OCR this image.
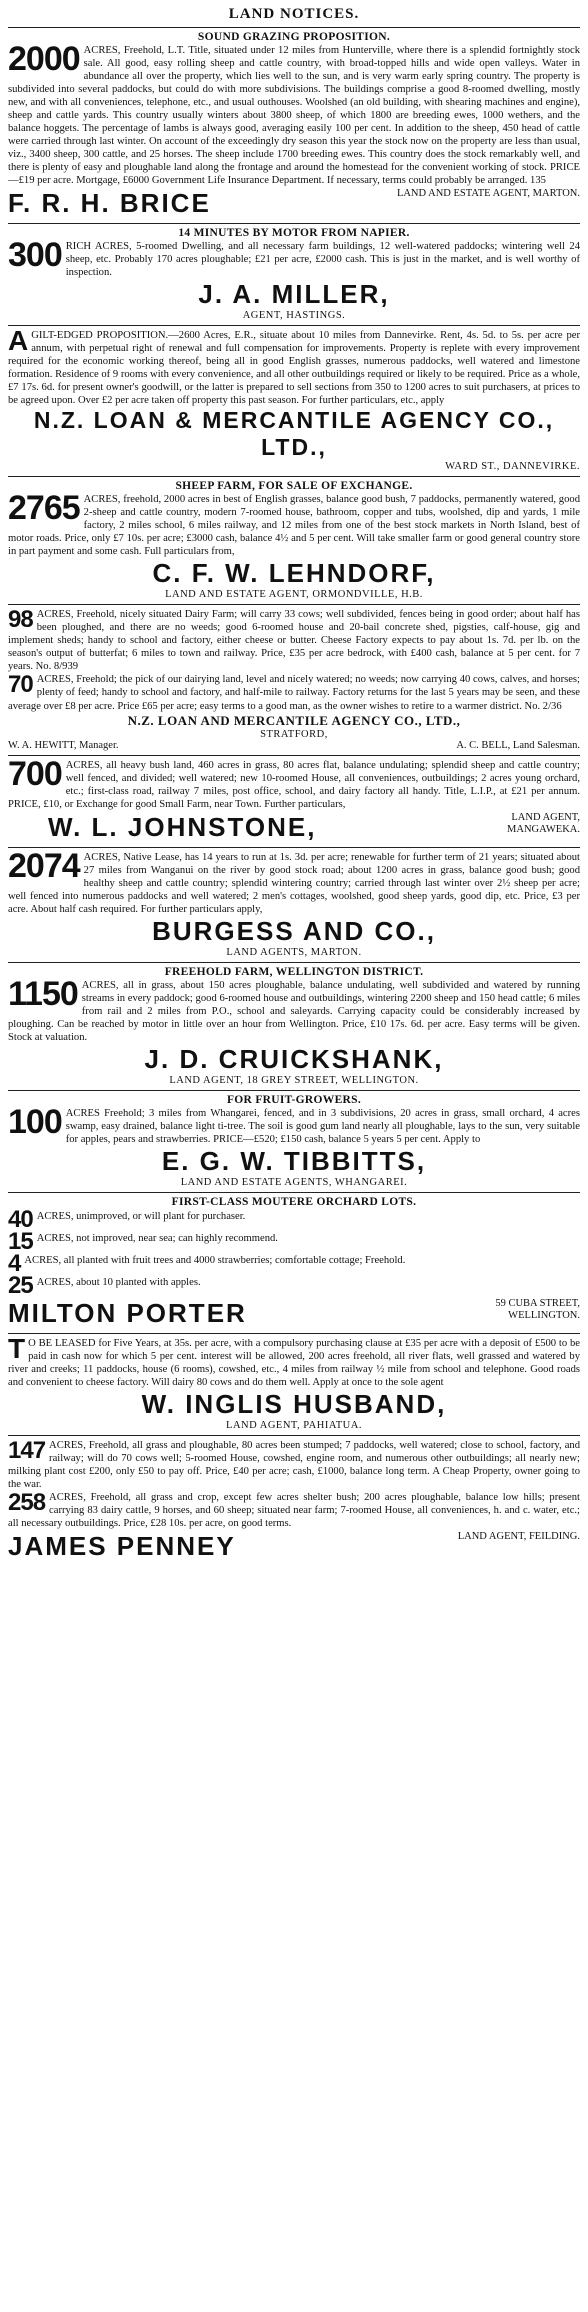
LAND NOTICES.
SOUND GRAZING PROPOSITION.

2000 ACRES, Freehold, L.T. Title, situated under 12 miles from Hunterville, where there is a splendid fortnightly stock sale. All good, easy rolling sheep and cattle country, with broad-topped hills and wide open valleys. Water in abundance all over the property, which lies well to the sun, and is very warm early spring country. The property is subdivided into several paddocks, but could do with more subdivisions. The buildings comprise a good 8-roomed dwelling, mostly new, and with all conveniences, telephone, etc., and usual outhouses. Woolshed (an old building, with shearing machines and engine), sheep and cattle yards. This country usually winters about 3800 sheep, of which 1800 are breeding ewes, 1000 wethers, and the balance hoggets. The percentage of lambs is always good, averaging easily 100 per cent. In addition to the sheep, 450 head of cattle were carried through last winter. On account of the exceedingly dry season this year the stock now on the property are less than usual, viz., 3400 sheep, 300 cattle, and 25 horses. The sheep include 1700 breeding ewes. This country does the stock remarkably well, and there is plenty of easy and ploughable land along the frontage and around the homestead for the convenient working of stock. PRICE—£19 per acre. Mortgage, £6000 Government Life Insurance Department. If necessary, terms could probably be arranged. 135

F. R. H. BRICE	LAND AND ESTATE AGENT, MARTON.
14 MINUTES BY MOTOR FROM NAPIER.

300 RICH ACRES, 5-roomed Dwelling, and all necessary farm buildings, 12 well-watered paddocks; wintering well 24 sheep, etc. Probably 170 acres ploughable; £21 per acre, £2000 cash. This is just in the market, and is well worthy of inspection.

J. A. MILLER,
AGENT, HASTINGS.

AGILT-EDGED PROPOSITION.—2600 Acres, E.R., situate about 10 miles from Dannevirke. Rent, 4s. 5d. to 5s. per acre per annum, with perpetual right of renewal and full compensation for improvements. Property is replete with every improvement required for the economic working thereof, being all in good English grasses, numerous paddocks, well watered and limestone formation. Residence of 9 rooms with every convenience, and all other outbuildings required or likely to be required. Price as a whole, £7 17s. 6d. for present owner's goodwill, or the latter is prepared to sell sections from 350 to 1200 acres to suit purchasers, at prices to be agreed upon. Over £2 per acre taken off property this past season. For further particulars, etc., apply

N.Z. LOAN & MERCANTILE AGENCY CO., LTD.,
WARD ST., DANNEVIRKE.
SHEEP FARM, FOR SALE OF EXCHANGE.

2765 ACRES, freehold, 2000 acres in best of English grasses, balance good bush, 7 paddocks, permanently watered, good 2-sheep and cattle country, modern 7-roomed house, bathroom, copper and tubs, woolshed, dip and yards, 1 mile factory, 2 miles school, 6 miles railway, and 12 miles from one of the best stock markets in North Island, best of motor roads. Price, only £7 10s. per acre; £3000 cash, balance 4½ and 5 per cent. Will take smaller farm or good general country store in part payment and some cash. Full particulars from,

C. F. W. LEHNDORF,
LAND AND ESTATE AGENT, ORMONDVILLE, H.B.

98 ACRES, Freehold, nicely situated Dairy Farm; will carry 33 cows; well subdivided, fences being in good order; about half has been ploughed, and there are no weeds; good 6-roomed house and 20-bail concrete shed, pigsties, calf-house, gig and implement sheds; handy to school and factory, either cheese or butter. Cheese Factory expects to pay about 1s. 7d. per lb. on the season's output of butterfat; 6 miles to town and railway. Price, £35 per acre bedrock, with £400 cash, balance at 5 per cent. for 7 years. No. 8/939

70 ACRES, Freehold; the pick of our dairying land, level and nicely watered; no weeds; now carrying 40 cows, calves, and horses; plenty of feed; handy to school and factory, and half-mile to railway. Factory returns for the last 5 years may be seen, and these average over £8 per acre. Price £65 per acre; easy terms to a good man, as the owner wishes to retire to a warmer district. No. 2/36

N.Z. LOAN AND MERCANTILE AGENCY CO., LTD.,
STRATFORD,
W. A. HEWITT, Manager.	A. C. BELL, Land Salesman.

700 ACRES, all heavy bush land, 460 acres in grass, 80 acres flat, balance undulating; splendid sheep and cattle country; well fenced, and divided; well watered; new 10-roomed House, all conveniences, outbuildings; 2 acres young orchard, etc.; first-class road, railway 7 miles, post office, school, and dairy factory all handy. Title, L.I.P., at £21 per annum. PRICE, £10, or Exchange for good Small Farm, near Town. Further particulars,

W. L. JOHNSTONE,	LAND AGENT, MANGAWEKA.

2074 ACRES, Native Lease, has 14 years to run at 1s. 3d. per acre; renewable for further term of 21 years; situated about 27 miles from Wanganui on the river by good stock road; about 1200 acres in grass, balance good bush; good healthy sheep and cattle country; splendid wintering country; carried through last winter over 2½ sheep per acre; well fenced into numerous paddocks and well watered; 2 men's cottages, woolshed, good sheep yards, good dip, etc. Price, £3 per acre. About half cash required. For further particulars apply,

BURGESS AND CO.,
LAND AGENTS, MARTON.
FREEHOLD FARM, WELLINGTON DISTRICT.

1150 ACRES, all in grass, about 150 acres ploughable, balance undulating, well subdivided and watered by running streams in every paddock; good 6-roomed house and outbuildings, wintering 2200 sheep and 150 head cattle; 6 miles from rail and 2 miles from P.O., school and saleyards. Carrying capacity could be considerably increased by ploughing. Can be reached by motor in little over an hour from Wellington. Price, £10 17s. 6d. per acre. Easy terms will be given. Stock at valuation.

J. D. CRUICKSHANK,
LAND AGENT, 18 GREY STREET, WELLINGTON.
FOR FRUIT-GROWERS.

100 ACRES Freehold; 3 miles from Whangarei, fenced, and in 3 subdivisions, 20 acres in grass, small orchard, 4 acres swamp, easy drained, balance light ti-tree. The soil is good gum land nearly all ploughable, lays to the sun, very suitable for apples, pears and strawberries. PRICE—£520; £150 cash, balance 5 years 5 per cent. Apply to

E. G. W. TIBBITTS,
LAND AND ESTATE AGENTS, WHANGAREI.
FIRST-CLASS MOUTERE ORCHARD LOTS.
40 ACRES, unimproved, or will plant for purchaser.
15 ACRES, not improved, near sea; can highly recommend.
4 ACRES, all planted with fruit trees and 4000 strawberries; comfortable cottage; Freehold.
25 ACRES, about 10 planted with apples.
MILTON PORTER	59 CUBA STREET, WELLINGTON.

T O BE LEASED for Five Years, at 35s. per acre, with a compulsory purchasing clause at £35 per acre with a deposit of £500 to be paid in cash now for which 5 per cent. interest will be allowed, 200 acres freehold, all river flats, well grassed and watered by river and creeks; 11 paddocks, house (6 rooms), cowshed, etc., 4 miles from railway ½ mile from school and telephone. Good roads and convenient to cheese factory. Will dairy 80 cows and do them well. Apply at once to the sole agent

W. INGLIS HUSBAND,
LAND AGENT, PAHIATUA.

147 ACRES, Freehold, all grass and ploughable, 80 acres been stumped; 7 paddocks, well watered; close to school, factory, and railway; will do 70 cows well; 5-roomed House, cowshed, engine room, and numerous other outbuildings; all nearly new; milking plant cost £200, only £50 to pay off. Price, £40 per acre; cash, £1000, balance long term. A Cheap Property, owner going to the war.

258 ACRES, Freehold, all grass and crop, except few acres shelter bush; 200 acres ploughable, balance low hills; present carrying 83 dairy cattle, 9 horses, and 60 sheep; situated near farm; 7-roomed House, all conveniences, h. and c. water, etc.; all necessary outbuildings. Price, £28 10s. per acre, on good terms.

JAMES PENNEY	LAND AGENT, FEILDING.
